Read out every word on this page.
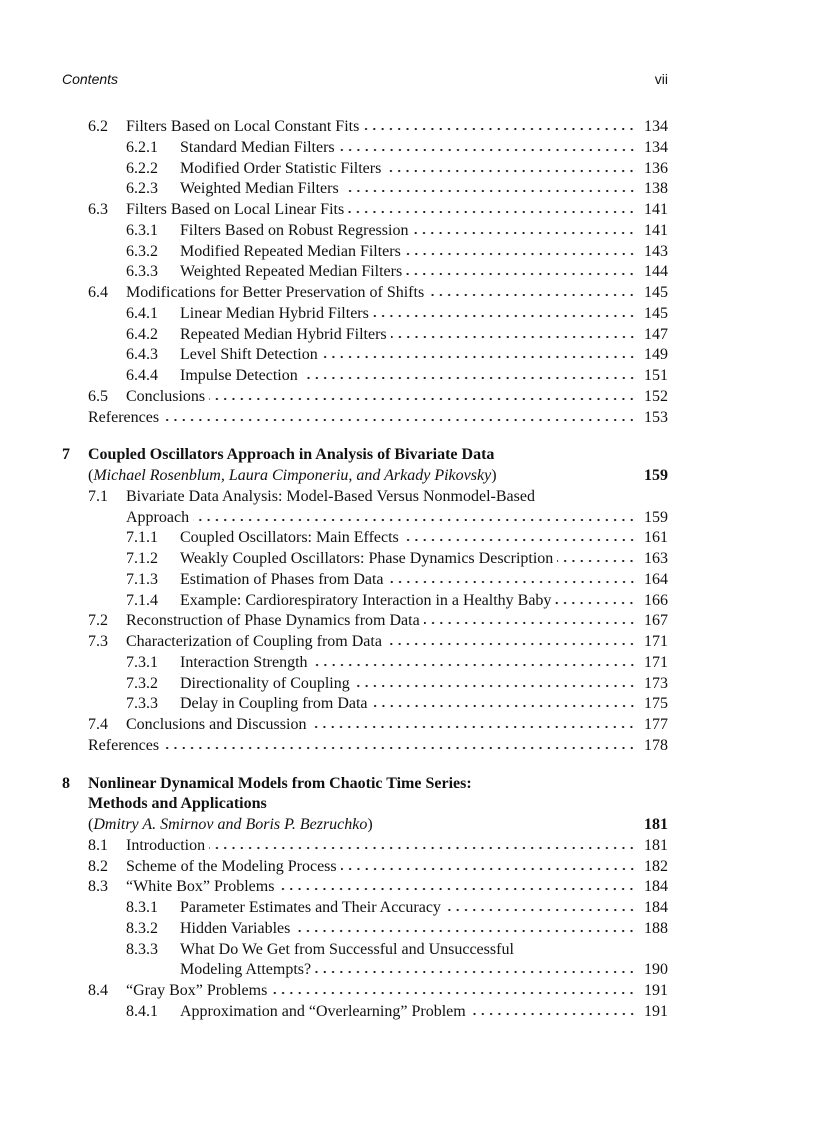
Contents	vii
6.2 Filters Based on Local Constant Fits	134
6.2.1 Standard Median Filters	134
6.2.2 Modified Order Statistic Filters	136
6.2.3 Weighted Median Filters	138
6.3 Filters Based on Local Linear Fits	141
6.3.1 Filters Based on Robust Regression	141
6.3.2 Modified Repeated Median Filters	143
6.3.3 Weighted Repeated Median Filters	144
6.4 Modifications for Better Preservation of Shifts	145
6.4.1 Linear Median Hybrid Filters	145
6.4.2 Repeated Median Hybrid Filters	147
6.4.3 Level Shift Detection	149
6.4.4 Impulse Detection	151
6.5 Conclusions	152
References	153
7 Coupled Oscillators Approach in Analysis of Bivariate Data
(Michael Rosenblum, Laura Cimponeriu, and Arkady Pikovsky)	159
7.1 Bivariate Data Analysis: Model-Based Versus Nonmodel-Based
Approach	159
7.1.1 Coupled Oscillators: Main Effects	161
7.1.2 Weakly Coupled Oscillators: Phase Dynamics Description	163
7.1.3 Estimation of Phases from Data	164
7.1.4 Example: Cardiorespiratory Interaction in a Healthy Baby	166
7.2 Reconstruction of Phase Dynamics from Data	167
7.3 Characterization of Coupling from Data	171
7.3.1 Interaction Strength	171
7.3.2 Directionality of Coupling	173
7.3.3 Delay in Coupling from Data	175
7.4 Conclusions and Discussion	177
References	178
8 Nonlinear Dynamical Models from Chaotic Time Series:
Methods and Applications
(Dmitry A. Smirnov and Boris P. Bezruchko)	181
8.1 Introduction	181
8.2 Scheme of the Modeling Process	182
8.3 “White Box” Problems	184
8.3.1 Parameter Estimates and Their Accuracy	184
8.3.2 Hidden Variables	188
8.3.3 What Do We Get from Successful and Unsuccessful
Modeling Attempts?	190
8.4 “Gray Box” Problems	191
8.4.1 Approximation and “Overlearning” Problem	191
